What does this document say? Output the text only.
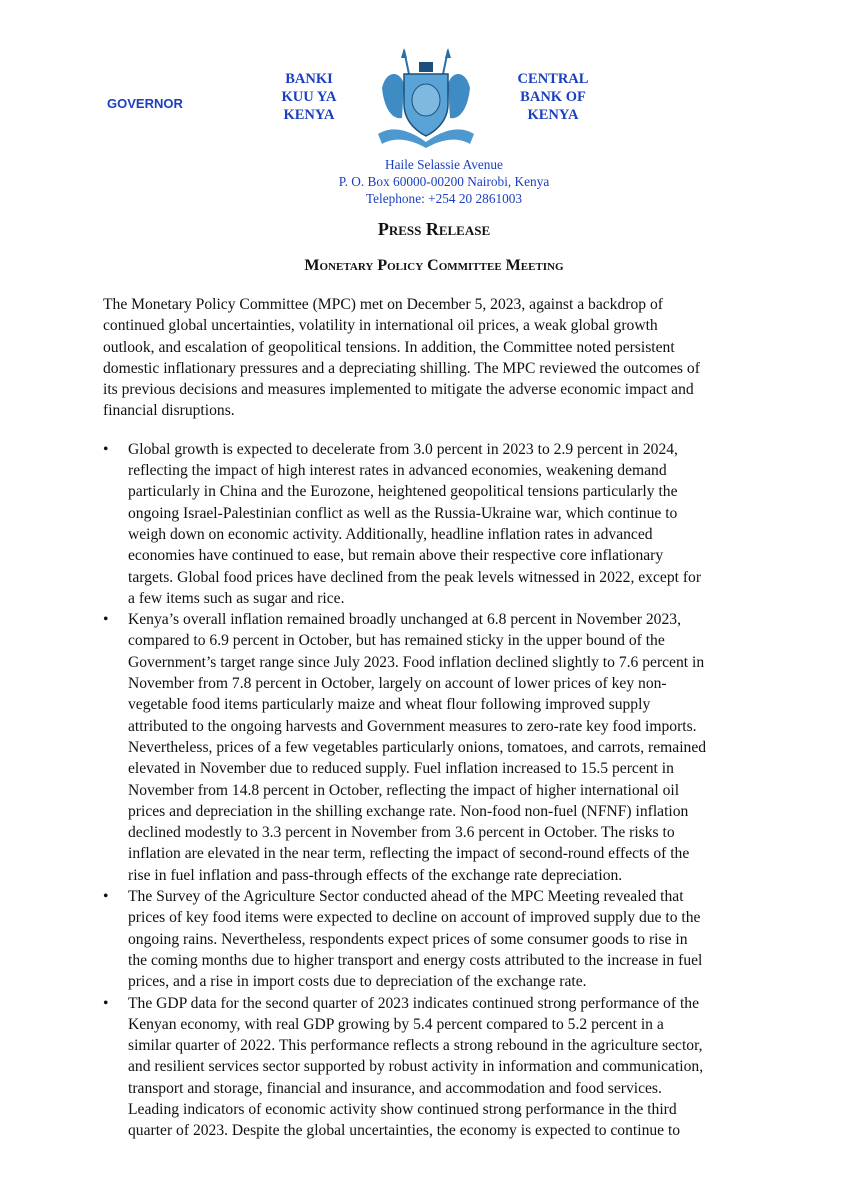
GOVERNOR
BANKI
KUU YA
KENYA
CENTRAL
BANK OF
KENYA
Haile Selassie Avenue
P. O. Box 60000-00200 Nairobi, Kenya
Telephone: +254 20 2861003
Press Release
Monetary Policy Committee Meeting
The Monetary Policy Committee (MPC) met on December 5, 2023, against a backdrop of
continued global uncertainties, volatility in international oil prices, a weak global growth
outlook, and escalation of geopolitical tensions. In addition, the Committee noted persistent
domestic inflationary pressures and a depreciating shilling. The MPC reviewed the outcomes of
its previous decisions and measures implemented to mitigate the adverse economic impact and
financial disruptions.
• Global growth is expected to decelerate from 3.0 percent in 2023 to 2.9 percent in 2024,
reflecting the impact of high interest rates in advanced economies, weakening demand
particularly in China and the Eurozone, heightened geopolitical tensions particularly the
ongoing Israel-Palestinian conflict as well as the Russia-Ukraine war, which continue to
weigh down on economic activity. Additionally, headline inflation rates in advanced
economies have continued to ease, but remain above their respective core inflationary
targets. Global food prices have declined from the peak levels witnessed in 2022, except for
a few items such as sugar and rice.
• Kenya’s overall inflation remained broadly unchanged at 6.8 percent in November 2023,
compared to 6.9 percent in October, but has remained sticky in the upper bound of the
Government’s target range since July 2023. Food inflation declined slightly to 7.6 percent in
November from 7.8 percent in October, largely on account of lower prices of key non-
vegetable food items particularly maize and wheat flour following improved supply
attributed to the ongoing harvests and Government measures to zero-rate key food imports.
Nevertheless, prices of a few vegetables particularly onions, tomatoes, and carrots, remained
elevated in November due to reduced supply. Fuel inflation increased to 15.5 percent in
November from 14.8 percent in October, reflecting the impact of higher international oil
prices and depreciation in the shilling exchange rate. Non-food non-fuel (NFNF) inflation
declined modestly to 3.3 percent in November from 3.6 percent in October. The risks to
inflation are elevated in the near term, reflecting the impact of second-round effects of the
rise in fuel inflation and pass-through effects of the exchange rate depreciation.
• The Survey of the Agriculture Sector conducted ahead of the MPC Meeting revealed that
prices of key food items were expected to decline on account of improved supply due to the
ongoing rains. Nevertheless, respondents expect prices of some consumer goods to rise in
the coming months due to higher transport and energy costs attributed to the increase in fuel
prices, and a rise in import costs due to depreciation of the exchange rate.
• The GDP data for the second quarter of 2023 indicates continued strong performance of the
Kenyan economy, with real GDP growing by 5.4 percent compared to 5.2 percent in a
similar quarter of 2022. This performance reflects a strong rebound in the agriculture sector,
and resilient services sector supported by robust activity in information and communication,
transport and storage, financial and insurance, and accommodation and food services.
Leading indicators of economic activity show continued strong performance in the third
quarter of 2023. Despite the global uncertainties, the economy is expected to continue to
